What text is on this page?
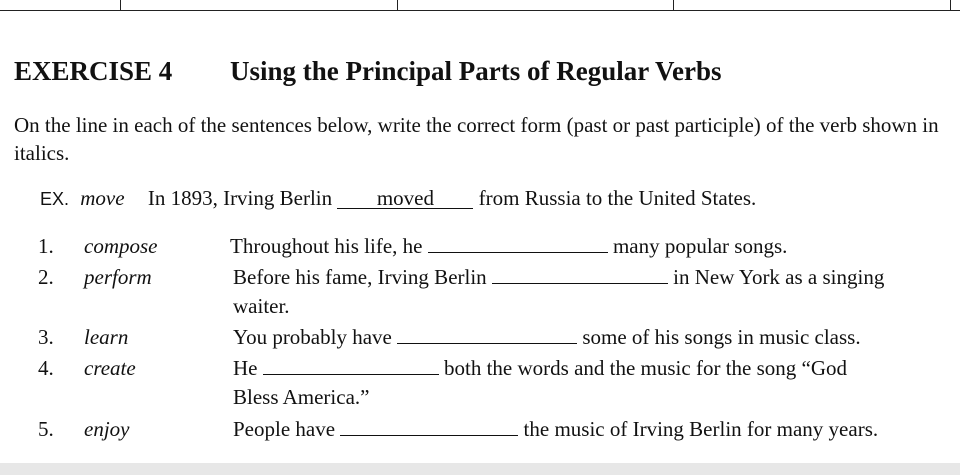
EXERCISE 4 Using the Principal Parts of Regular Verbs
On the line in each of the sentences below, write the correct form (past or past participle) of the verb shown in italics.
EX. move In 1893, Irving Berlin moved from Russia to the United States.
1.	compose	Throughout his life, he	many popular songs.
2.	perform	Before his fame, Irving Berlin	in New York as a singing waiter.
3.	learn	You probably have	some of his songs in music class.
4.	create	He	both the words and the music for the song “God Bless America.”
5.	enjoy	People have	the music of Irving Berlin for many years.
